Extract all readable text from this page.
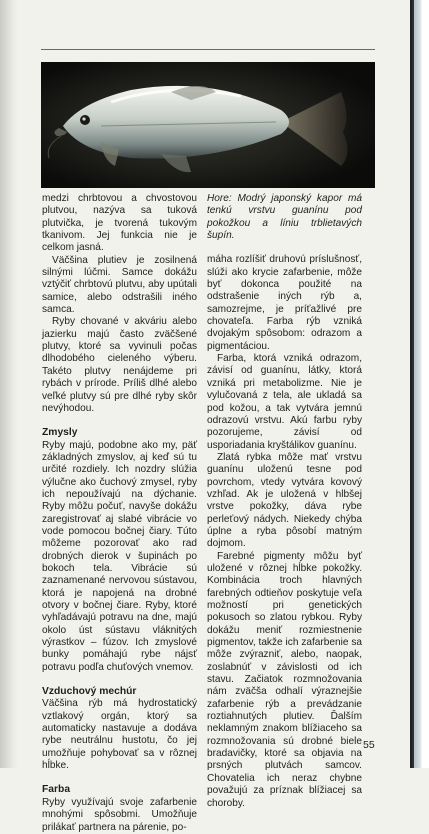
medzi chrbtovou a chvostovou plutvou, nazýva sa tuková plutvička, je tvorená tukovým tkanivom. Jej funkcia nie je celkom jasná.

Väčšina plutiev je zosilnená silnými lúčmi. Samce dokážu vztýčiť chrbtovú plutvu, aby upútali samice, alebo odstrašili iného samca.

Ryby chované v akváriu alebo jazierku majú často zväčšené plutvy, ktoré sa vyvinuli počas dlhodobého cieleného výberu. Takéto plutvy nenájdeme pri rybách v prírode. Príliš dlhé alebo veľké plutvy sú pre dlhé ryby skôr nevýhodou.

Zmysly

Ryby majú, podobne ako my, päť základných zmyslov, aj keď sú tu určité rozdiely. Ich nozdry slúžia výlučne ako čuchový zmysel, ryby ich nepoužívajú na dýchanie. Ryby môžu počuť, navyše dokážu zaregistrovať aj slabé vibrácie vo vode pomocou bočnej čiary. Túto môžeme pozorovať ako rad drobných dierok v šupinách po bokoch tela. Vibrácie sú zaznamenané nervovou sústavou, ktorá je napojená na drobné otvory v bočnej čiare. Ryby, ktoré vyhľadávajú potravu na dne, majú okolo úst sústavu vláknitých výrastkov – fúzov. Ich zmyslové bunky pomáhajú rybe nájsť potravu podľa chuťových vnemov.

Vzduchový mechúr

Väčšina rýb má hydrostatický vztlakový orgán, ktorý sa automaticky nastavuje a dodáva rybe neutrálnu hustotu, čo jej umožňuje pohybovať sa v rôznej hĺbke.

Farba

Ryby využívajú svoje zafarbenie mnohými spôsobmi. Umožňuje prilákať partnera na párenie, po-

Hore: Modrý japonský kapor má tenkú vrstvu guanínu pod pokožkou a líniu trblietavých šupín.

máha rozlíšiť druhovú príslušnosť, slúži ako krycie zafarbenie, môže byť dokonca použité na odstrašenie iných rýb a, samozrejme, je príťažlivé pre chovateľa. Farba rýb vzniká dvojakým spôsobom: odrazom a pigmentáciou.

Farba, ktorá vzniká odrazom, závisí od guanínu, látky, ktorá vzniká pri metabolizme. Nie je vylučovaná z tela, ale ukladá sa pod kožou, a tak vytvára jemnú odrazovú vrstvu. Akú farbu ryby pozorujeme, závisí od usporiadania kryštálikov guanínu.

Zlatá rybka môže mať vrstvu guanínu uloženú tesne pod povrchom, vtedy vytvára kovový vzhľad. Ak je uložená v hlbšej vrstve pokožky, dáva rybe perleťový nádych. Niekedy chýba úplne a ryba pôsobí matným dojmom.

Farebné pigmenty môžu byť uložené v rôznej hĺbke pokožky. Kombinácia troch hlavných farebných odtieňov poskytuje veľa možností pri genetických pokusoch so zlatou rybkou. Ryby dokážu meniť rozmiestnenie pigmentov, takže ich zafarbenie sa môže zvýrazniť, alebo, naopak, zoslabnúť v závislosti od ich stavu. Začiatok rozmnožovania nám zväčša odhalí výraznejšie zafarbenie rýb a prevádzanie roztiahnutých plutiev. Ďalším neklamným znakom blížiaceho sa rozmnožovania sú drobné biele bradavičky, ktoré sa objavia na prsných plutvách samcov. Chovatelia ich neraz chybne považujú za príznak blížiacej sa choroby.

55
